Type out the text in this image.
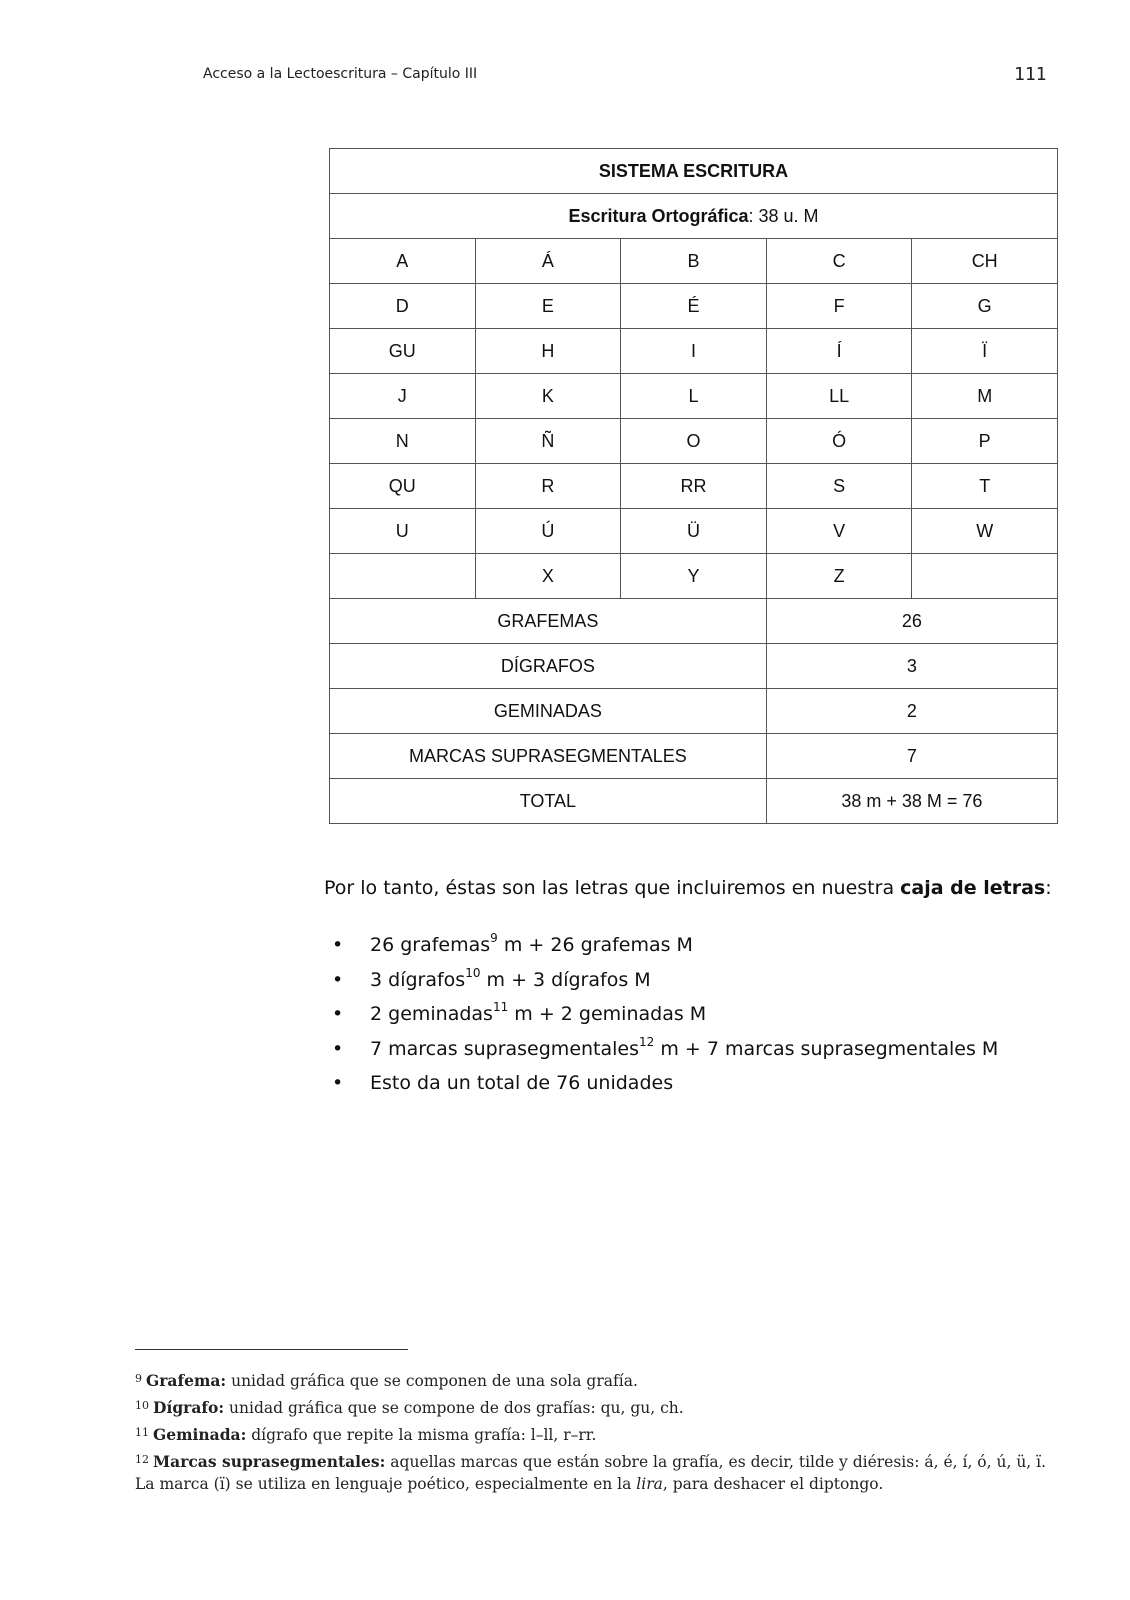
Acceso a la Lectoescritura – Capítulo III	111
SISTEMA ESCRITURA				
Escritura Ortográfica: 38 u. M				
A	Á	B	C	CH
D	E	É	F	G
GU	H	I	Í	Ï
J	K	L	LL	M
N	Ñ	O	Ó	P
QU	R	RR	S	T
U	Ú	Ü	V	W
	X	Y	Z	
GRAFEMAS			26	
DÍGRAFOS			3	
GEMINADAS			2	
MARCAS SUPRASEGMENTALES			7	
TOTAL			38 m + 38 M = 76	
Por lo tanto, éstas son las letras que incluiremos en nuestra caja de letras:
• 26 grafemas$^9$ m + 26 grafemas M
• 3 dígrafos$^{10}$ m + 3 dígrafos M
• 2 geminadas$^{11}$ m + 2 geminadas M
• 7 marcas suprasegmentales$^{12}$ m + 7 marcas suprasegmentales M
• Esto da un total de 76 unidades
$^9$ Grafema: unidad gráfica que se componen de una sola grafía.
$^{10}$ Dígrafo: unidad gráfica que se compone de dos grafías: qu, gu, ch.
$^{11}$ Geminada: dígrafo que repite la misma grafía: l–ll, r–rr.
$^{12}$ Marcas suprasegmentales: aquellas marcas que están sobre la grafía, es decir, tilde y diéresis: á, é, í, ó, ú, ü, ï. La marca (ï) se utiliza en lenguaje poético, especialmente en la lira, para deshacer el diptongo.
